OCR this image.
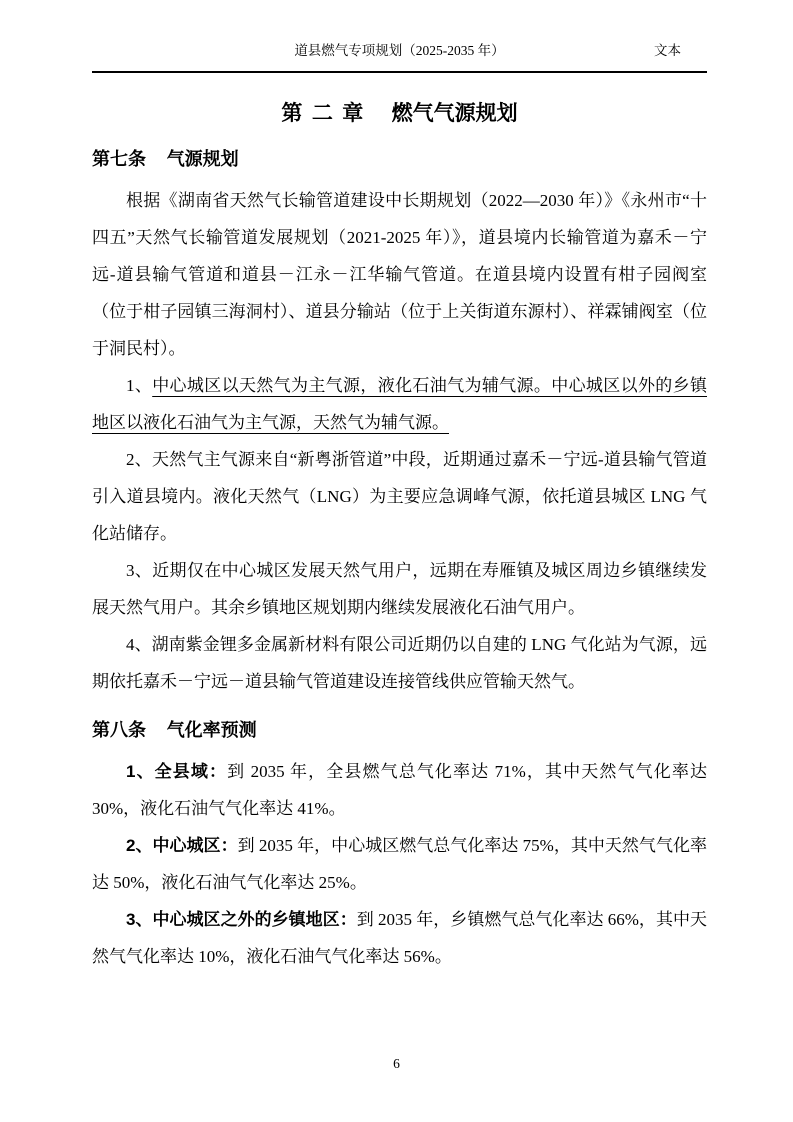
道县燃气专项规划（2025-2035 年）	文本
第二章 燃气气源规划
第七条 气源规划

根据《湖南省天然气长输管道建设中长期规划（2022—2030 年）》《永州市“十四五”天然气长输管道发展规划（2021-2025 年）》，道县境内长输管道为嘉禾－宁远-道县输气管道和道县－江永－江华输气管道。在道县境内设置有柑子园阀室（位于柑子园镇三海洞村）、道县分输站（位于上关街道东源村）、祥霖铺阀室（位于洞民村）。

1、中心城区以天然气为主气源，液化石油气为辅气源。中心城区以外的乡镇地区以液化石油气为主气源，天然气为辅气源。

2、天然气主气源来自“新粤浙管道”中段，近期通过嘉禾－宁远-道县输气管道引入道县境内。液化天然气（LNG）为主要应急调峰气源，依托道县城区 LNG 气化站储存。

3、近期仅在中心城区发展天然气用户，远期在寿雁镇及城区周边乡镇继续发展天然气用户。其余乡镇地区规划期内继续发展液化石油气用户。

4、湖南紫金锂多金属新材料有限公司近期仍以自建的 LNG 气化站为气源，远期依托嘉禾－宁远－道县输气管道建设连接管线供应管输天然气。

第八条 气化率预测

1、全县域：到 2035 年，全县燃气总气化率达 71%，其中天然气气化率达 30%，液化石油气气化率达 41%。

2、中心城区：到 2035 年，中心城区燃气总气化率达 75%，其中天然气气化率达 50%，液化石油气气化率达 25%。

3、中心城区之外的乡镇地区：到 2035 年，乡镇燃气总气化率达 66%，其中天然气气化率达 10%，液化石油气气化率达 56%。

6
